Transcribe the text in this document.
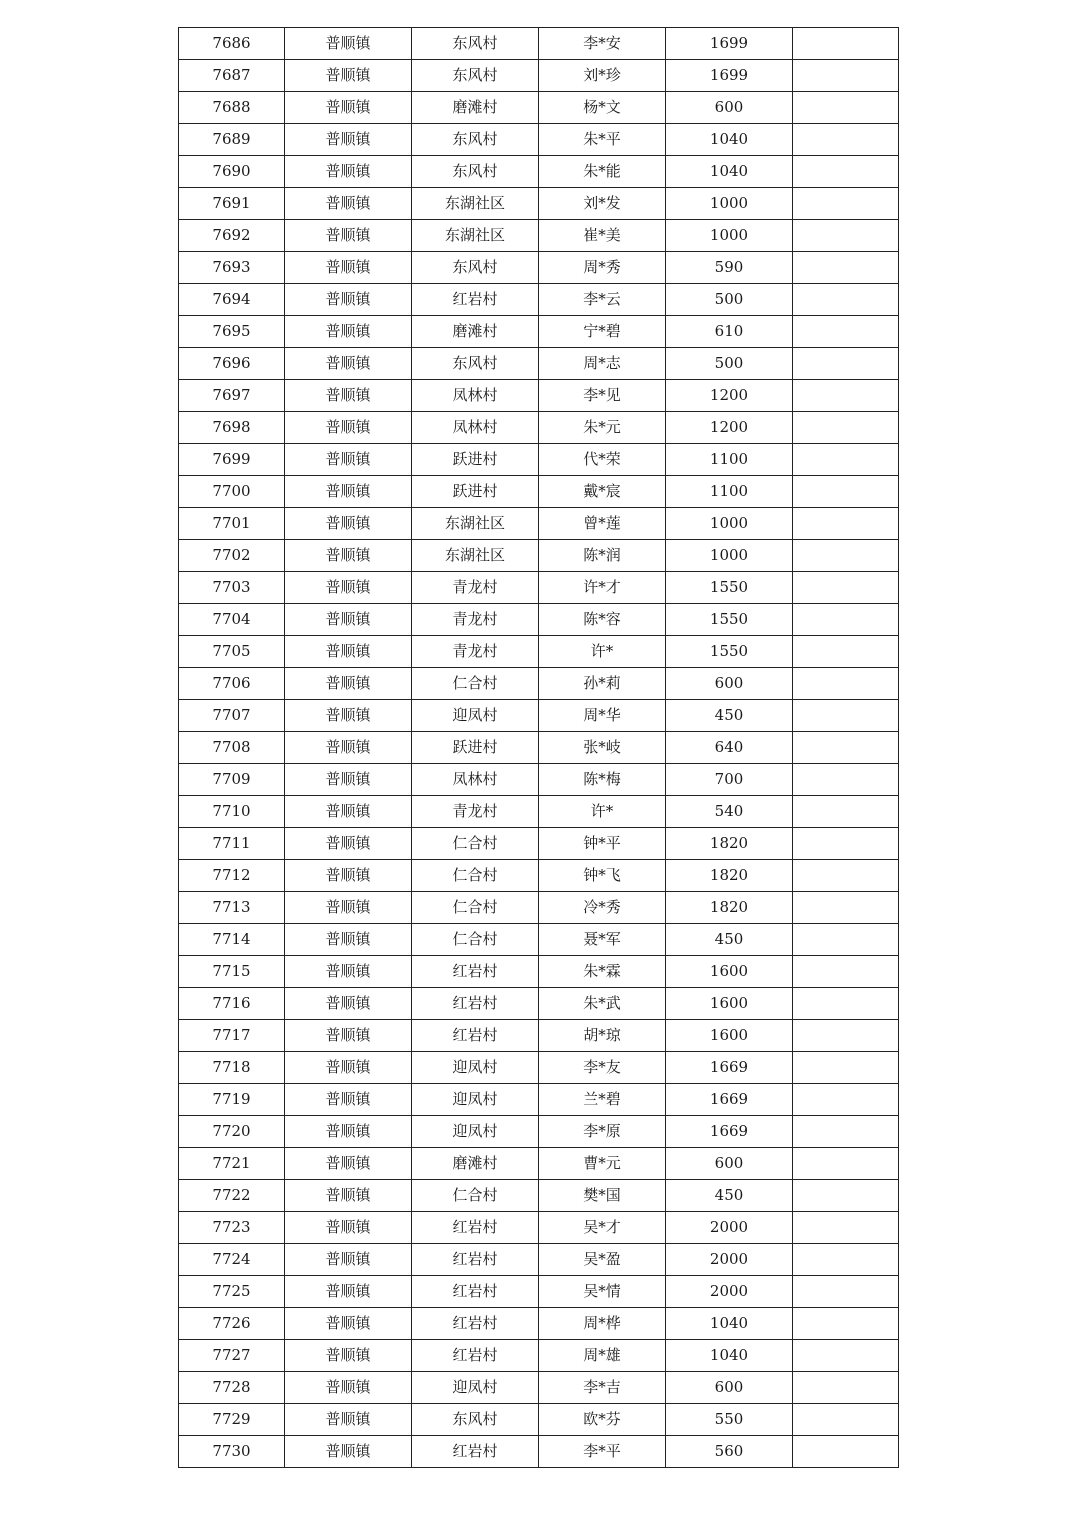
7686	普顺镇	东风村	李*安	1699	
7687	普顺镇	东风村	刘*珍	1699	
7688	普顺镇	磨滩村	杨*文	600	
7689	普顺镇	东风村	朱*平	1040	
7690	普顺镇	东风村	朱*能	1040	
7691	普顺镇	东湖社区	刘*发	1000	
7692	普顺镇	东湖社区	崔*美	1000	
7693	普顺镇	东风村	周*秀	590	
7694	普顺镇	红岩村	李*云	500	
7695	普顺镇	磨滩村	宁*碧	610	
7696	普顺镇	东风村	周*志	500	
7697	普顺镇	凤林村	李*见	1200	
7698	普顺镇	凤林村	朱*元	1200	
7699	普顺镇	跃进村	代*荣	1100	
7700	普顺镇	跃进村	戴*宸	1100	
7701	普顺镇	东湖社区	曾*莲	1000	
7702	普顺镇	东湖社区	陈*润	1000	
7703	普顺镇	青龙村	许*才	1550	
7704	普顺镇	青龙村	陈*容	1550	
7705	普顺镇	青龙村	许*	1550	
7706	普顺镇	仁合村	孙*莉	600	
7707	普顺镇	迎凤村	周*华	450	
7708	普顺镇	跃进村	张*岐	640	
7709	普顺镇	凤林村	陈*梅	700	
7710	普顺镇	青龙村	许*	540	
7711	普顺镇	仁合村	钟*平	1820	
7712	普顺镇	仁合村	钟*飞	1820	
7713	普顺镇	仁合村	冷*秀	1820	
7714	普顺镇	仁合村	聂*军	450	
7715	普顺镇	红岩村	朱*霖	1600	
7716	普顺镇	红岩村	朱*武	1600	
7717	普顺镇	红岩村	胡*琼	1600	
7718	普顺镇	迎凤村	李*友	1669	
7719	普顺镇	迎凤村	兰*碧	1669	
7720	普顺镇	迎凤村	李*原	1669	
7721	普顺镇	磨滩村	曹*元	600	
7722	普顺镇	仁合村	樊*国	450	
7723	普顺镇	红岩村	吴*才	2000	
7724	普顺镇	红岩村	吴*盈	2000	
7725	普顺镇	红岩村	吴*情	2000	
7726	普顺镇	红岩村	周*桦	1040	
7727	普顺镇	红岩村	周*雄	1040	
7728	普顺镇	迎凤村	李*吉	600	
7729	普顺镇	东风村	欧*芬	550	
7730	普顺镇	红岩村	李*平	560	
